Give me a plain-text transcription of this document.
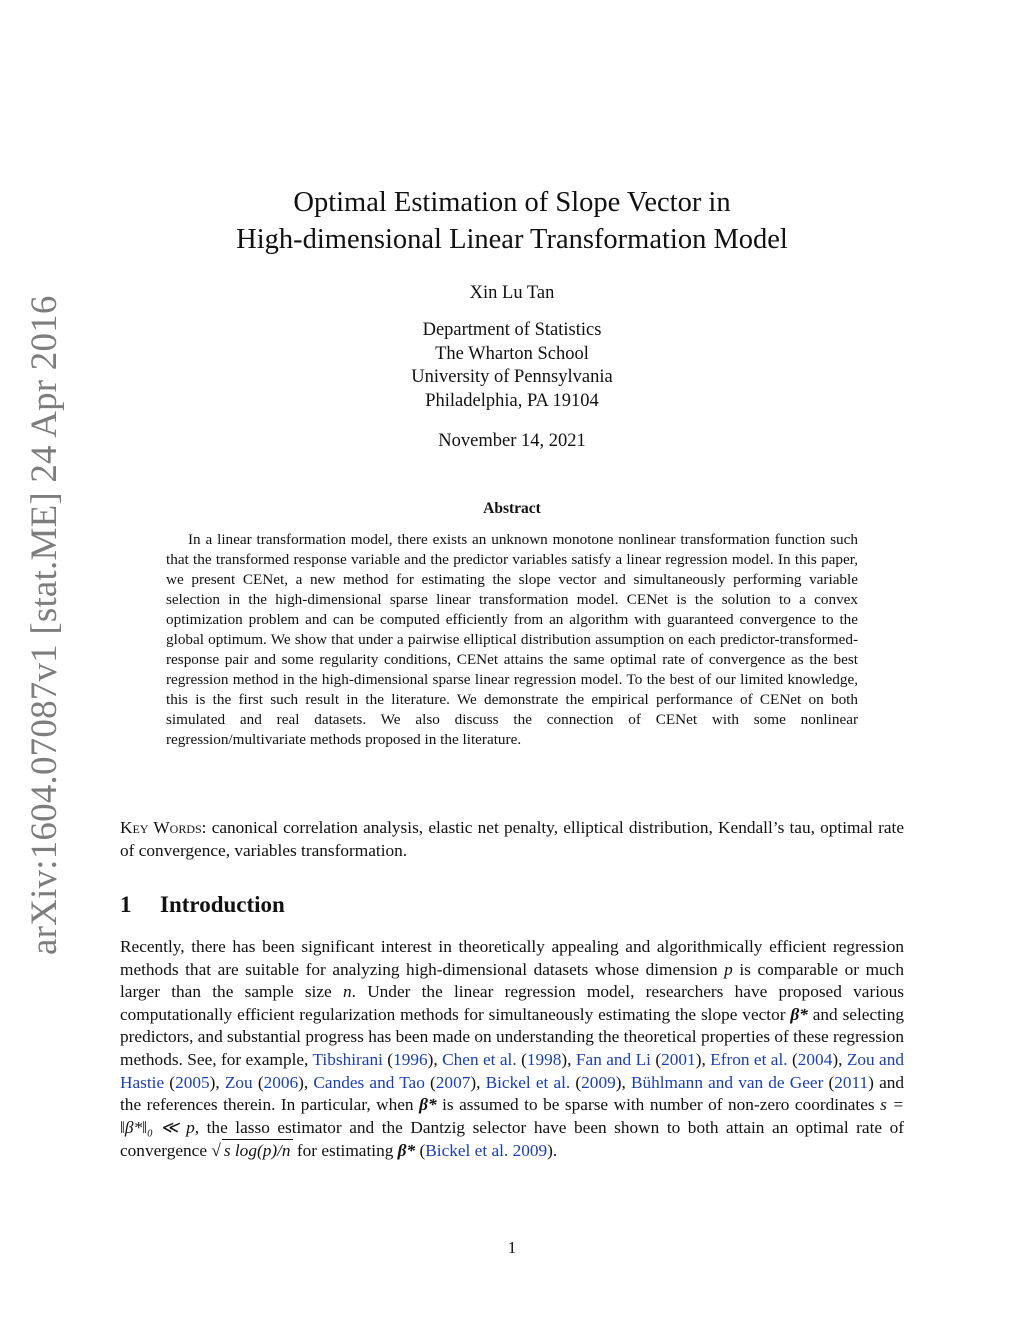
arXiv:1604.07087v1 [stat.ME] 24 Apr 2016
Optimal Estimation of Slope Vector in
High-dimensional Linear Transformation Model
Xin Lu Tan
Department of Statistics
The Wharton School
University of Pennsylvania
Philadelphia, PA 19104
November 14, 2021
Abstract
In a linear transformation model, there exists an unknown monotone nonlinear transformation function such that the transformed response variable and the predictor variables satisfy a linear regression model. In this paper, we present CENet, a new method for estimating the slope vector and simultaneously performing variable selection in the high-dimensional sparse linear transformation model. CENet is the solution to a convex optimization problem and can be computed efficiently from an algorithm with guaranteed convergence to the global optimum. We show that under a pairwise elliptical distribution assumption on each predictor-transformed-response pair and some regularity conditions, CENet attains the same optimal rate of convergence as the best regression method in the high-dimensional sparse linear regression model. To the best of our limited knowledge, this is the first such result in the literature. We demonstrate the empirical performance of CENet on both simulated and real datasets. We also discuss the connection of CENet with some nonlinear regression/multivariate methods proposed in the literature.
Key Words: canonical correlation analysis, elastic net penalty, elliptical distribution, Kendall’s tau, optimal rate of convergence, variables transformation.
1 Introduction
Recently, there has been significant interest in theoretically appealing and algorithmically efficient regression methods that are suitable for analyzing high-dimensional datasets whose dimension p is comparable or much larger than the sample size n. Under the linear regression model, researchers have proposed various computationally efficient regularization methods for simultaneously estimating the slope vector β* and selecting predictors, and substantial progress has been made on understanding the theoretical properties of these regression methods. See, for example, Tibshirani (1996), Chen et al. (1998), Fan and Li (2001), Efron et al. (2004), Zou and Hastie (2005), Zou (2006), Candes and Tao (2007), Bickel et al. (2009), Bühlmann and van de Geer (2011) and the references therein. In particular, when β* is assumed to be sparse with number of non-zero coordinates s = ‖β*‖₀ ≪ p, the lasso estimator and the Dantzig selector have been shown to both attain an optimal rate of convergence √ s log(p)/n for estimating β* (Bickel et al. 2009).
1
